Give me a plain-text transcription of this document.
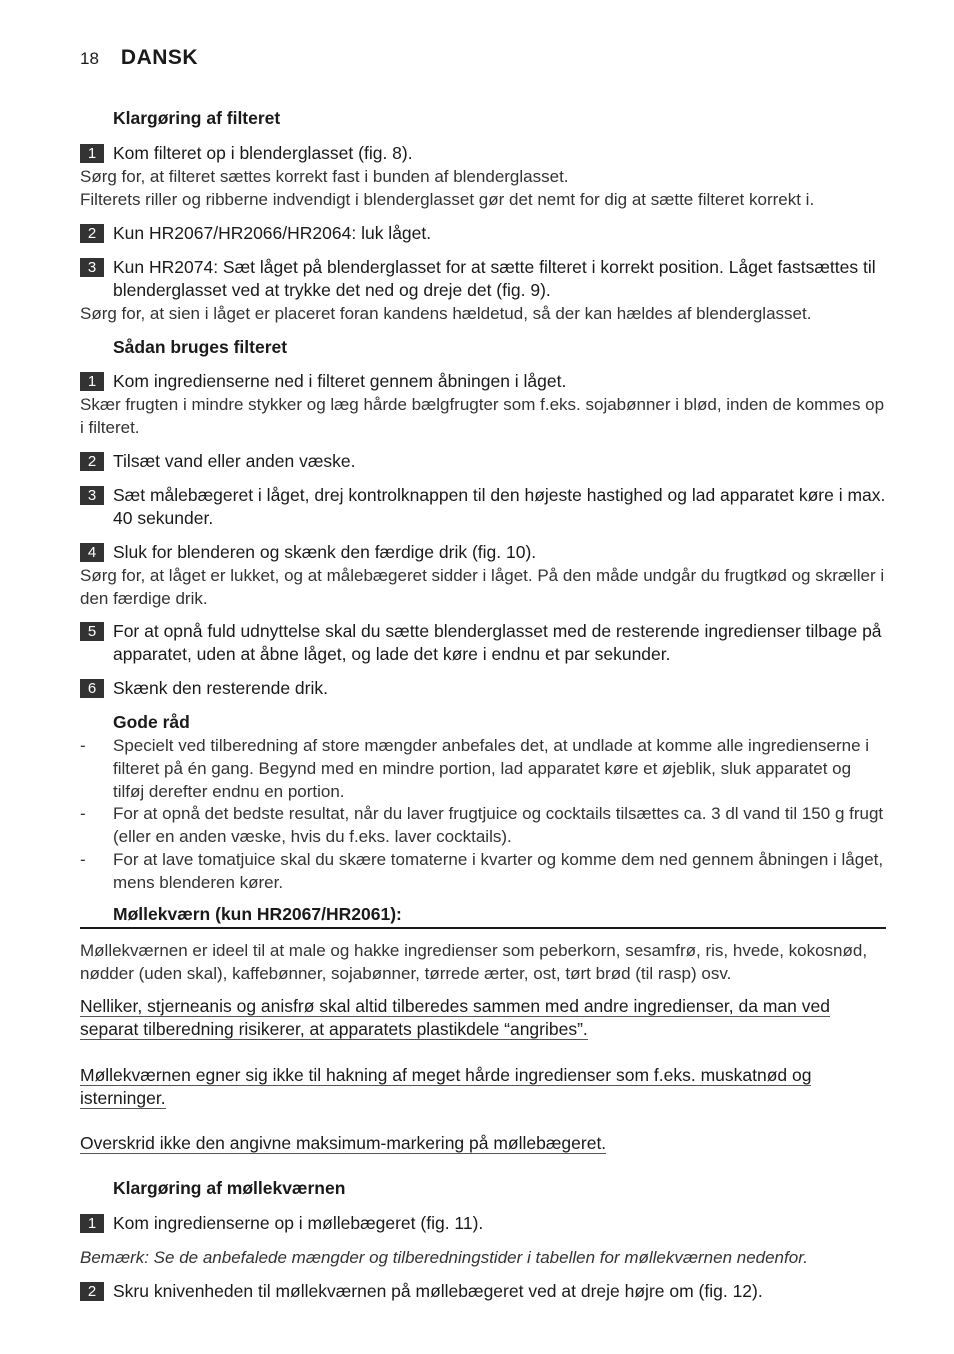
18 DANSK
Klargøring af filteret
1 Kom filteret op i blenderglasset (fig. 8).
Sørg for, at filteret sættes korrekt fast i bunden af blenderglasset.
Filterets riller og ribberne indvendigt i blenderglasset gør det nemt for dig at sætte filteret korrekt i.
2 Kun HR2067/HR2066/HR2064: luk låget.
3 Kun HR2074: Sæt låget på blenderglasset for at sætte filteret i korrekt position. Låget fastsættes til blenderglasset ved at trykke det ned og dreje det (fig. 9).
Sørg for, at sien i låget er placeret foran kandens hældetud, så der kan hældes af blenderglasset.
Sådan bruges filteret
1 Kom ingredienserne ned i filteret gennem åbningen i låget.
Skær frugten i mindre stykker og læg hårde bælgfrugter som f.eks. sojabønner i blød, inden de kommes op i filteret.
2 Tilsæt vand eller anden væske.
3 Sæt målebægeret i låget, drej kontrolknappen til den højeste hastighed og lad apparatet køre i max. 40 sekunder.
4 Sluk for blenderen og skænk den færdige drik (fig. 10).
Sørg for, at låget er lukket, og at målebægeret sidder i låget. På den måde undgår du frugtkød og skræller i den færdige drik.
5 For at opnå fuld udnyttelse skal du sætte blenderglasset med de resterende ingredienser tilbage på apparatet, uden at åbne låget, og lade det køre i endnu et par sekunder.
6 Skænk den resterende drik.
Gode råd
- Specielt ved tilberedning af store mængder anbefales det, at undlade at komme alle ingredienserne i filteret på én gang. Begynd med en mindre portion, lad apparatet køre et øjeblik, sluk apparatet og tilføj derefter endnu en portion.
- For at opnå det bedste resultat, når du laver frugtjuice og cocktails tilsættes ca. 3 dl vand til 150 g frugt (eller en anden væske, hvis du f.eks. laver cocktails).
- For at lave tomatjuice skal du skære tomaterne i kvarter og komme dem ned gennem åbningen i låget, mens blenderen kører.
Møllekværn (kun HR2067/HR2061):
Møllekværnen er ideel til at male og hakke ingredienser som peberkorn, sesamfrø, ris, hvede, kokosnød, nødder (uden skal), kaffebønner, sojabønner, tørrede ærter, ost, tørt brød (til rasp) osv.
Nelliker, stjerneanis og anisfrø skal altid tilberedes sammen med andre ingredienser, da man ved
separat tilberedning risikerer, at apparatets plastikdele “angribes”.
Møllekværnen egner sig ikke til hakning af meget hårde ingredienser som f.eks. muskatnød og
isterninger.
Overskrid ikke den angivne maksimum-markering på møllebægeret.
Klargøring af møllekværnen
1 Kom ingredienserne op i møllebægeret (fig. 11).
Bemærk: Se de anbefalede mængder og tilberedningstider i tabellen for møllekværnen nedenfor.
2 Skru knivenheden til møllekværnen på møllebægeret ved at dreje højre om (fig. 12).
